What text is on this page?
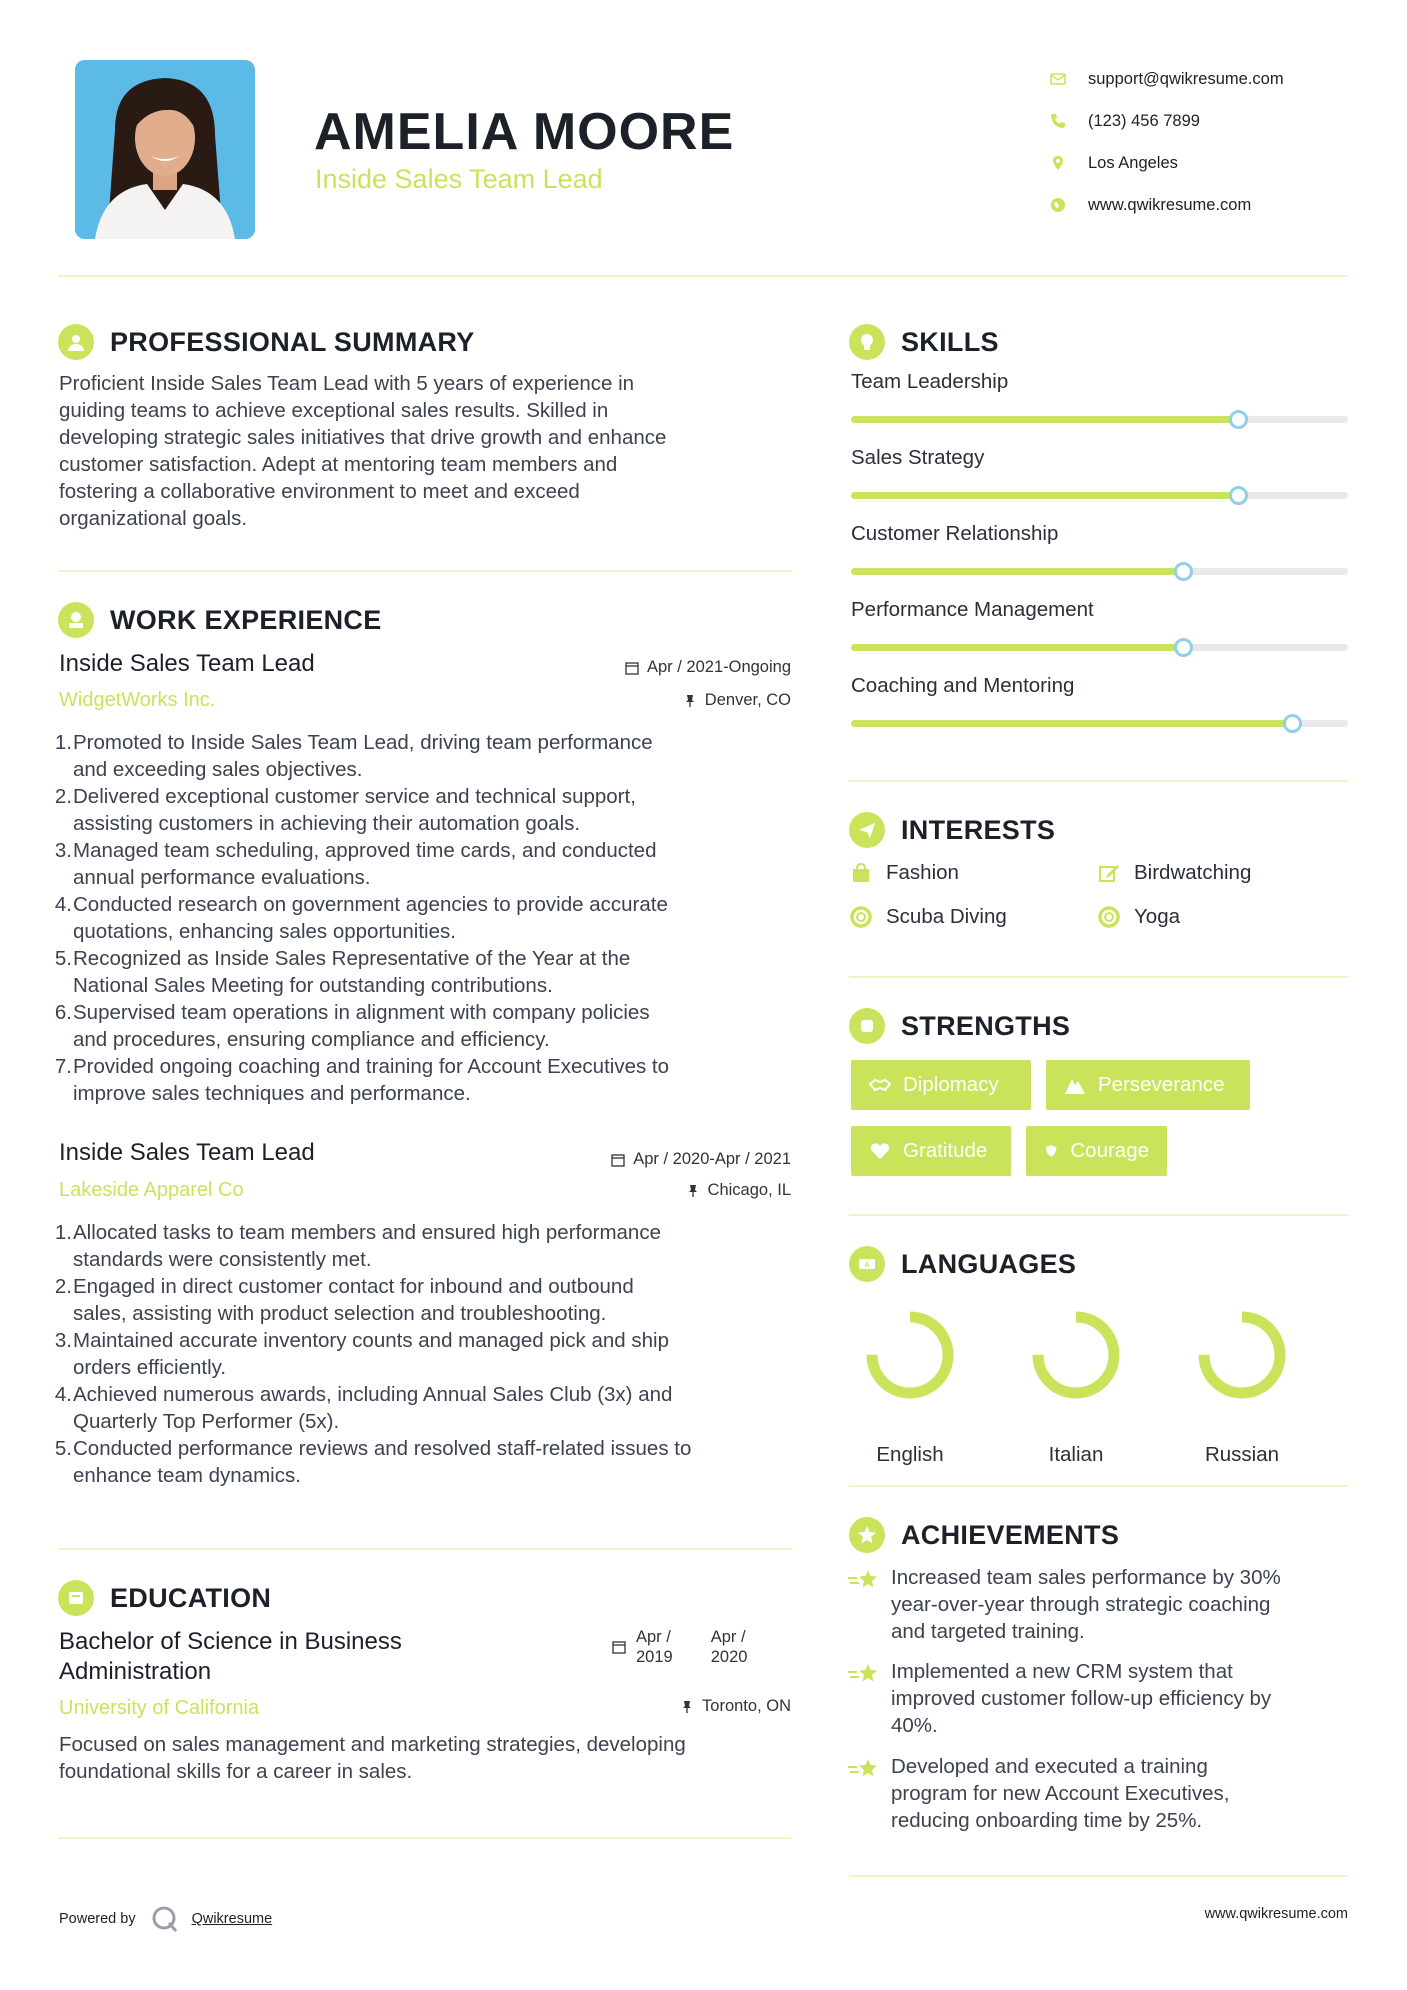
AMELIA MOORE
Inside Sales Team Lead
support@qwikresume.com
(123) 456 7899
Los Angeles
www.qwikresume.com
PROFESSIONAL SUMMARY
Proficient Inside Sales Team Lead with 5 years of experience in
guiding teams to achieve exceptional sales results. Skilled in
developing strategic sales initiatives that drive growth and enhance
customer satisfaction. Adept at mentoring team members and
fostering a collaborative environment to meet and exceed
organizational goals.
WORK EXPERIENCE
Inside Sales Team Lead
WidgetWorks Inc.
Apr / 2021-Ongoing
Denver, CO
1. Promoted to Inside Sales Team Lead, driving team performance
and exceeding sales objectives.
2. Delivered exceptional customer service and technical support,
assisting customers in achieving their automation goals.
3. Managed team scheduling, approved time cards, and conducted
annual performance evaluations.
4. Conducted research on government agencies to provide accurate
quotations, enhancing sales opportunities.
5. Recognized as Inside Sales Representative of the Year at the
National Sales Meeting for outstanding contributions.
6. Supervised team operations in alignment with company policies
and procedures, ensuring compliance and efficiency.
7. Provided ongoing coaching and training for Account Executives to
improve sales techniques and performance.
Inside Sales Team Lead
Lakeside Apparel Co
Apr / 2020-Apr / 2021
Chicago, IL
1. Allocated tasks to team members and ensured high performance
standards were consistently met.
2. Engaged in direct customer contact for inbound and outbound
sales, assisting with product selection and troubleshooting.
3. Maintained accurate inventory counts and managed pick and ship
orders efficiently.
4. Achieved numerous awards, including Annual Sales Club (3x) and
Quarterly Top Performer (5x).
5. Conducted performance reviews and resolved staff-related issues to
enhance team dynamics.
EDUCATION
Bachelor of Science in Business
Administration
University of California
Apr /
2019
Apr /
2020
Toronto, ON
Focused on sales management and marketing strategies, developing
foundational skills for a career in sales.
SKILLS
Team Leadership
Sales Strategy
Customer Relationship
Performance Management
Coaching and Mentoring
INTERESTS
Fashion	Birdwatching
Scuba Diving	Yoga
STRENGTHS
Diplomacy	Perseverance
Gratitude	Courage
A LANGUAGES
English	Italian	Russian
ACHIEVEMENTS
Increased team sales performance by 30%
year-over-year through strategic coaching
and targeted training.
Implemented a new CRM system that
improved customer follow-up efficiency by
40%.
Developed and executed a training
program for new Account Executives,
reducing onboarding time by 25%.
Powered by	Qwikresume	www.qwikresume.com
